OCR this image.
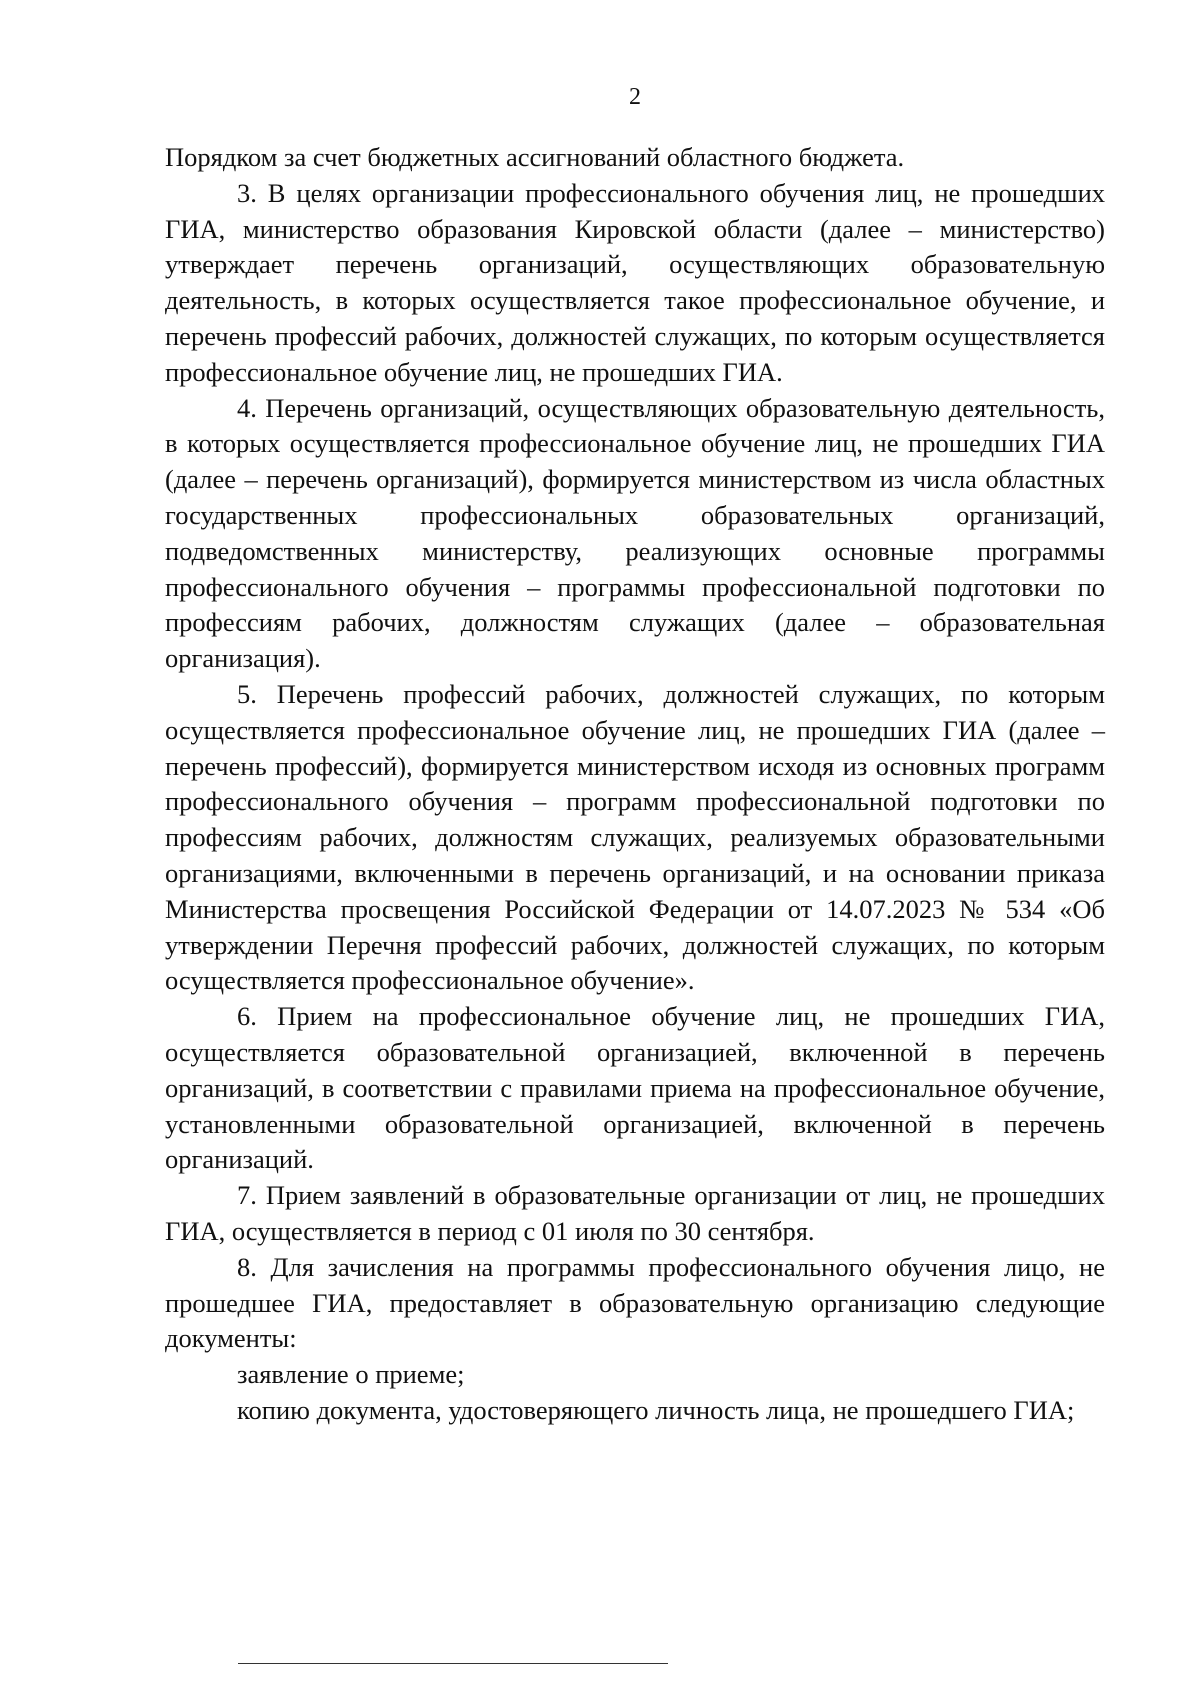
2

Порядком за счет бюджетных ассигнований областного бюджета.

3. В целях организации профессионального обучения лиц, не прошедших ГИА, министерство образования Кировской области (далее – министерство) утверждает перечень организаций, осуществляющих образовательную деятельность, в которых осуществляется такое профессиональное обучение, и перечень профессий рабочих, должностей служащих, по которым осуществляется профессиональное обучение лиц, не прошедших ГИА.

4. Перечень организаций, осуществляющих образовательную деятельность, в которых осуществляется профессиональное обучение лиц, не прошедших ГИА (далее – перечень организаций), формируется министерством из числа областных государственных профессиональных образовательных организаций, подведомственных министерству, реализующих основные программы профессионального обучения – программы профессиональной подготовки по профессиям рабочих, должностям служащих (далее – образовательная организация).

5. Перечень профессий рабочих, должностей служащих, по которым осуществляется профессиональное обучение лиц, не прошедших ГИА (далее – перечень профессий), формируется министерством исходя из основных программ профессионального обучения – программ профессиональной подготовки по профессиям рабочих, должностям служащих, реализуемых образовательными организациями, включенными в перечень организаций, и на основании приказа Министерства просвещения Российской Федерации от 14.07.2023 № 534 «Об утверждении Перечня профессий рабочих, должностей служащих, по которым осуществляется профессиональное обучение».

6. Прием на профессиональное обучение лиц, не прошедших ГИА, осуществляется образовательной организацией, включенной в перечень организаций, в соответствии с правилами приема на профессиональное обучение, установленными образовательной организацией, включенной в перечень организаций.

7. Прием заявлений в образовательные организации от лиц, не прошедших ГИА, осуществляется в период с 01 июля по 30 сентября.

8. Для зачисления на программы профессионального обучения лицо, не прошедшее ГИА, предоставляет в образовательную организацию следующие документы:

заявление о приеме;

копию документа, удостоверяющего личность лица, не прошедшего ГИА;
